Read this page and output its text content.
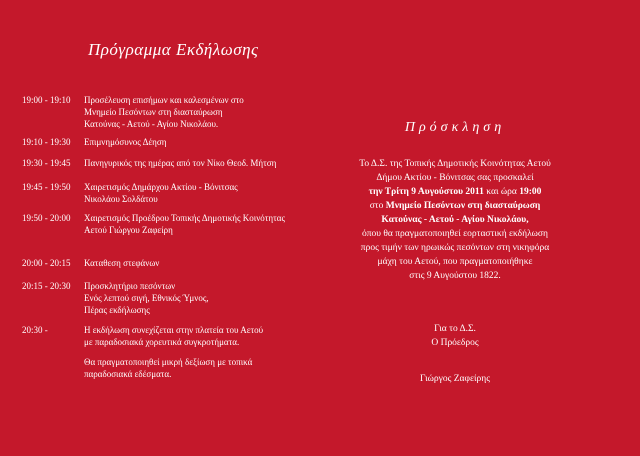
Πρόγραμμα Εκδήλωσης
19:00 - 19:10	Προσέλευση επισήμων και καλεσμένων στο
Μνημείο Πεσόντων στη διασταύρωση
Κατούνας - Αετού - Αγίου Νικολάου.
19:10 - 19:30	Επιμνημόσυνος Δέηση
19:30 - 19:45	Πανηγυρικός της ημέρας από τον Νίκο Θεοδ. Μήτση
19:45 - 19:50	Χαιρετισμός Δημάρχου Ακτίου - Βόνιτσας
Νικολάου Σολδάτου
19:50 - 20:00	Χαιρετισμός Προέδρου Τοπικής Δημοτικής Κοινότητας
Αετού Γιώργου Ζαφείρη
20:00 - 20:15	Καταθεση στεφάνων
20:15 - 20:30	Προσκλητήριο πεσόντων
Ενός λεπτού σιγή, Εθνικός Ύμνος,
Πέρας εκδήλωσης
20:30 -	Η εκδήλωση συνεχίζεται στην πλατεία του Αετού
με παραδοσιακά χορευτικά συγκροτήματα.
Θα πραγματοποιηθεί μικρή δεξίωση με τοπικά
παραδοσιακά εδέσματα.
Πρόσκληση
Το Δ.Σ. της Τοπικής Δημοτικής Κοινότητας Αετού
Δήμου Ακτίου - Βόνιτσας σας προσκαλεί
την Τρίτη 9 Αυγούστου 2011 και ώρα 19:00
στο Μνημείο Πεσόντων στη διασταύρωση
Κατούνας - Αετού - Αγίου Νικολάου,
όπου θα πραγματοποιηθεί εορταστική εκδήλωση
προς τιμήν των ηρωικώς πεσόντων στη νικηφόρα
μάχη του Αετού, που πραγματοποιήθηκε
στις 9 Αυγούστου 1822.
Για το Δ.Σ.
Ο Πρόεδρος
Γιώργος Ζαφείρης
